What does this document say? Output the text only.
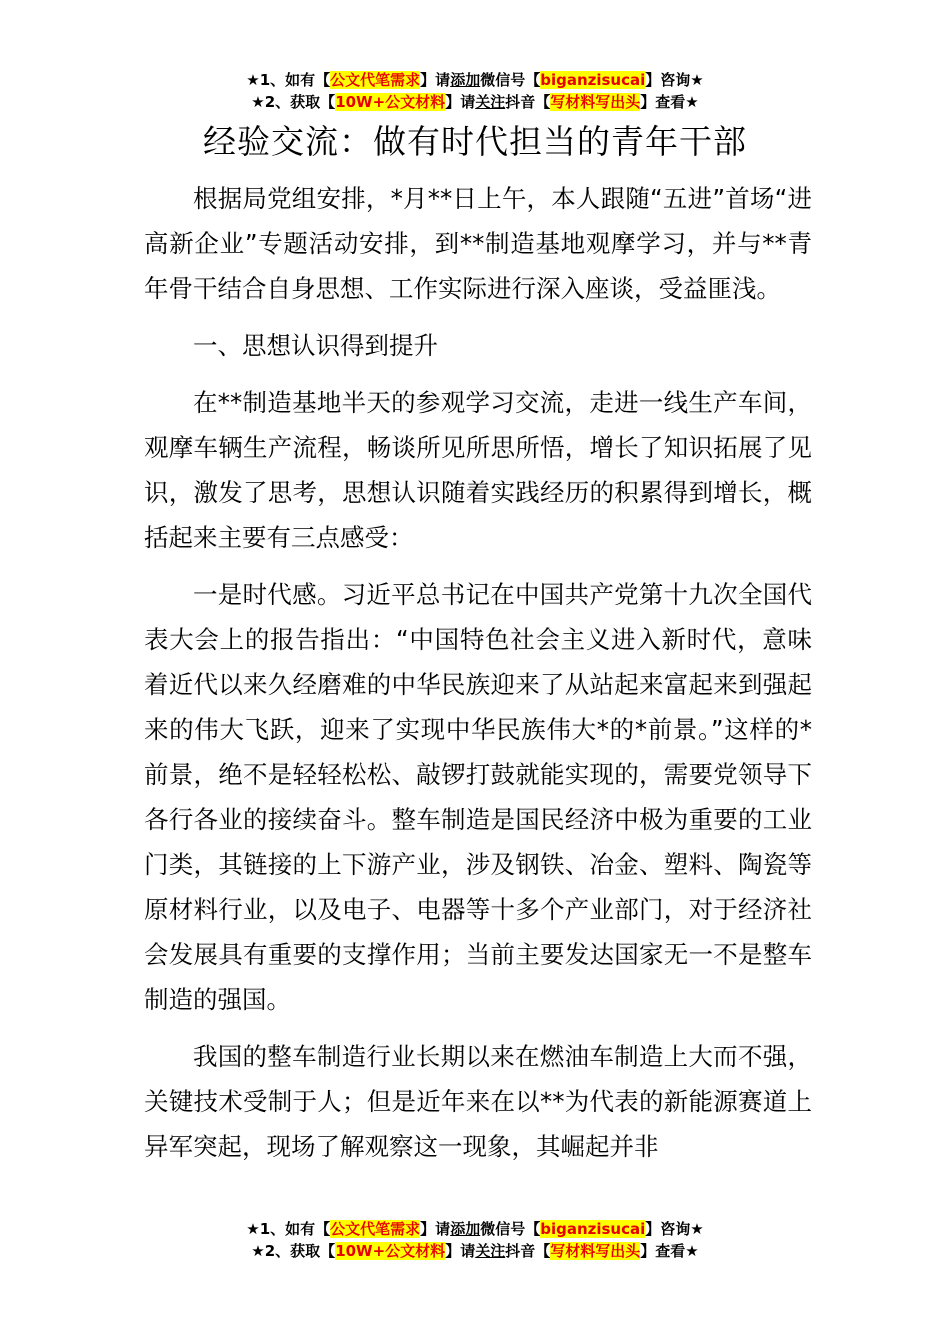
★1、如有【公文代笔需求】请添加微信号【biganzisucai】咨询★
★2、获取【10W+公文材料】请关注抖音【写材料写出头】查看★
经验交流：做有时代担当的青年干部

根据局党组安排，*月**日上午，本人跟随“五进”首场“进高新企业”专题活动安排，到**制造基地观摩学习，并与**青年骨干结合自身思想、工作实际进行深入座谈，受益匪浅。

一、思想认识得到提升

在**制造基地半天的参观学习交流，走进一线生产车间，观摩车辆生产流程，畅谈所见所思所悟，增长了知识拓展了见识，激发了思考，思想认识随着实践经历的积累得到增长，概括起来主要有三点感受：

一是时代感。习近平总书记在中国共产党第十九次全国代表大会上的报告指出：“中国特色社会主义进入新时代，意味着近代以来久经磨难的中华民族迎来了从站起来富起来到强起来的伟大飞跃，迎来了实现中华民族伟大*的*前景。”这样的*前景，绝不是轻轻松松、敲锣打鼓就能实现的，需要党领导下各行各业的接续奋斗。整车制造是国民经济中极为重要的工业门类，其链接的上下游产业，涉及钢铁、冶金、塑料、陶瓷等原材料行业，以及电子、电器等十多个产业部门，对于经济社会发展具有重要的支撑作用；当前主要发达国家无一不是整车制造的强国。

我国的整车制造行业长期以来在燃油车制造上大而不强，关键技术受制于人；但是近年来在以**为代表的新能源赛道上异军突起，现场了解观察这一现象，其崛起并非

★1、如有【公文代笔需求】请添加微信号【biganzisucai】咨询★
★2、获取【10W+公文材料】请关注抖音【写材料写出头】查看★
